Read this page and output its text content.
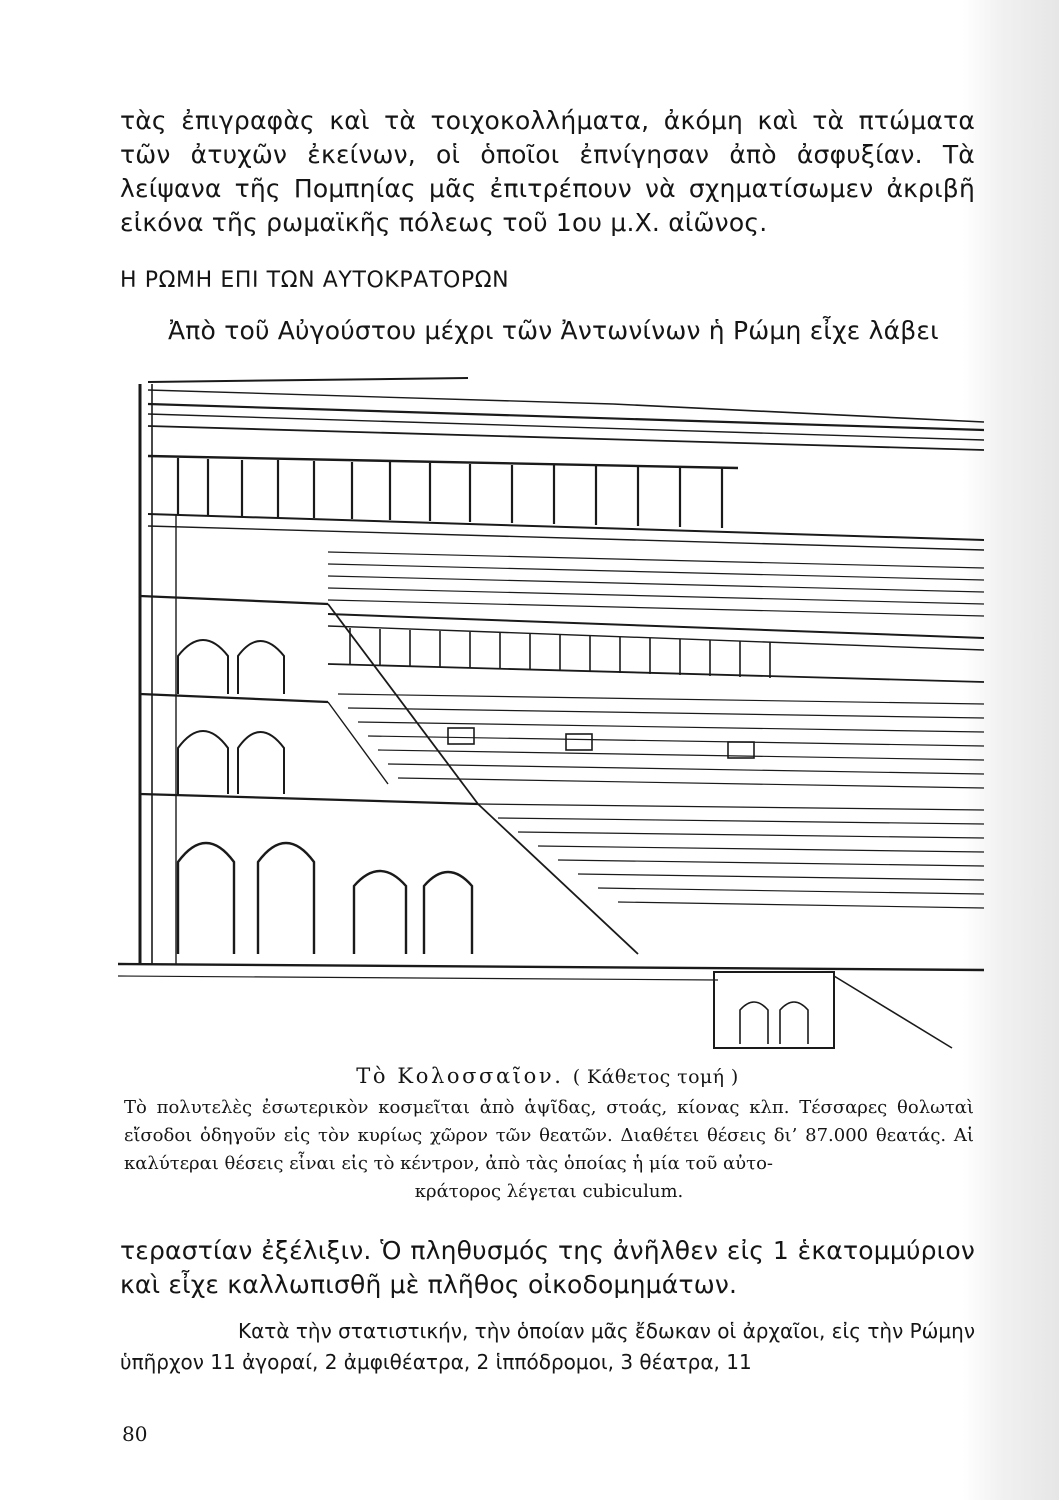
τὰς ἐπιγραφὰς καὶ τὰ τοιχοκολλήματα, ἀκόμη καὶ τὰ πτώματα τῶν ἀτυχῶν ἐκείνων, οἱ ὁποῖοι ἐπνίγησαν ἀπὸ ἀσφυξίαν. Τὰ λείψανα τῆς Πομπηίας μᾶς ἐπιτρέπουν νὰ σχηματίσωμεν ἀκριβῆ εἰκόνα τῆς ρωμαϊκῆς πόλεως τοῦ 1ου μ.Χ. αἰῶνος.

Η ΡΩΜΗ ΕΠΙ ΤΩΝ ΑΥΤΟΚΡΑΤΟΡΩΝ

Ἀπὸ τοῦ Αὐγούστου μέχρι τῶν Ἀντωνίνων ἡ Ρώμη εἶχε λάβει

Τὸ Κολοσσαῖον. ( Κάθετος τομή )

Τὸ πολυτελὲς ἐσωτερικὸν κοσμεῖται ἀπὸ ἁψῖδας, στοάς, κίονας κλπ. Τέσσαρες θολωταὶ εἴσοδοι ὁδηγοῦν εἰς τὸν κυρίως χῶρον τῶν θεατῶν. Διαθέτει θέσεις δι’ 87.000 θεατάς. Αἱ καλύτεραι θέσεις εἶναι εἰς τὸ κέντρον, ἀπὸ τὰς ὁποίας ἡ μία τοῦ αὐτο-
κράτορος λέγεται cubiculum.

τεραστίαν ἐξέλιξιν. Ὁ πληθυσμός της ἀνῆλθεν εἰς 1 ἑκατομμύριον καὶ εἶχε καλλωπισθῆ μὲ πλῆθος οἰκοδομημάτων.

Κατὰ τὴν στατιστικήν, τὴν ὁποίαν μᾶς ἔδωκαν οἱ ἀρχαῖοι, εἰς τὴν Ρώμην ὑπῆρχον 11 ἀγοραί, 2 ἀμφιθέατρα, 2 ἱππόδρομοι, 3 θέατρα, 11

80
